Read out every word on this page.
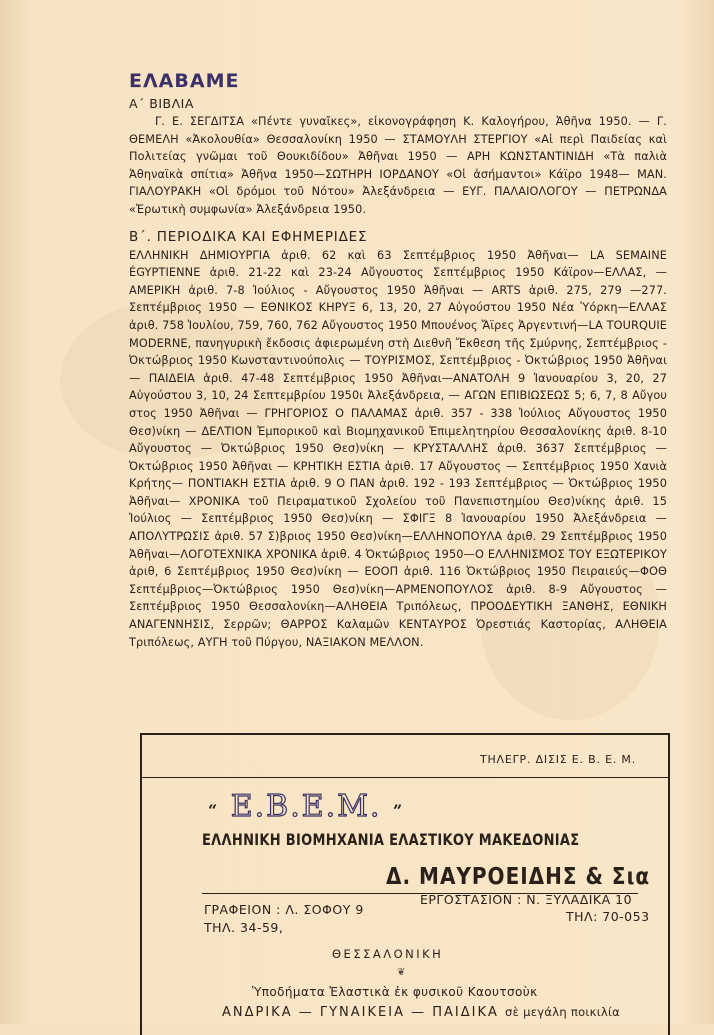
ΕΛΑΒΑΜΕ
Α΄ ΒΙΒΛΙΑ

Γ. Ε. ΣΕΓΔΙΤΣΑ «Πέντε γυναῖκες», εἰκονογράφηση Κ. Καλογήρου, Ἀθῆνα 1950. — Γ. ΘΕΜΕΛΗ «Ἀκολουθία» Θεσσαλονίκη 1950 — ΣΤΑΜΟΥΛΗ ΣΤΕΡΓΙΟΥ «Αἱ περὶ Παιδείας καὶ Πολιτείας γνῶμαι τοῦ Θουκιδίδου» Ἀθῆναι 1950 — ΑΡΗ ΚΩΝΣΤΑΝΤΙΝΙΔΗ «Τὰ παλιὰ Ἀθηναϊκὰ σπίτια» Ἀθῆνα 1950—ΣΩΤΗΡΗ ΙΟΡΔΑΝΟΥ «Οἱ ἀσήμαντοι» Κάϊρο 1948— ΜΑΝ. ΓΙΑΛΟΥΡΑΚΗ «Οἱ δρόμοι τοῦ Νότου» Ἀλεξάνδρεια — ΕΥΓ. ΠΑΛΑΙΟΛΟΓΟΥ — ΠΕΤΡΩΝΔΑ «Ἐρωτικὴ συμφωνία» Ἀλεξάνδρεια 1950.

Β΄. ΠΕΡΙΟΔΙΚΑ ΚΑΙ ΕΦΗΜΕΡΙΔΕΣ

ΕΛΛΗΝΙΚΗ ΔΗΜΙΟΥΡΓΙΑ ἀριθ. 62 καὶ 63 Σεπτέμβριος 1950 Ἀθῆναι— LA SEMAINE ÉGYPTIENNE ἀριθ. 21-22 καὶ 23-24 Αὔγουστος Σεπτέμβριος 1950 Κάϊρον—ΕΛΛΑΣ, —ΑΜΕΡΙΚΗ ἀριθ. 7-8 Ἰούλιος - Αὔγουστος 1950 Ἀθῆναι — ARTS ἀριθ. 275, 279 —277. Σεπτέμβριος 1950 — ΕΘΝΙΚΟΣ ΚΗΡΥΞ 6, 13, 20, 27 Αὐγούστου 1950 Νέα Ὑόρκη—ΕΛΛΑΣ ἀριθ. 758 Ἰουλίου, 759, 760, 762 Αὔγουστος 1950 Μπουένος Ἄϊρες Ἀργεντινή—LA TOURQUIE MODERNE, πανηγυρικὴ ἔκδοσις ἀφιερωμένη στὴ Διεθνῆ Ἔκθεση τῆς Σμύρνης, Σεπτέμβριος - Ὀκτώβριος 1950 Κωνσταντινούπολις — ΤΟΥΡΙΣΜΟΣ, Σεπτέμβριος - Ὀκτώβριος 1950 Ἀθῆναι — ΠΑΙΔΕΙΑ ἀριθ. 47-48 Σεπτέμβριος 1950 Ἀθῆναι—ΑΝΑΤΟΛΗ 9 Ἰανουαρίου 3, 20, 27 Αὐγούστου 3, 10, 24 Σεπτεμβρίου 1950ι Ἀλεξάνδρεια, — ΑΓΩΝ ΕΠΙΒΙΩΣΕΩΣ 5; 6, 7, 8 Αὔγου στος 1950 Ἀθῆναι — ΓΡΗΓΟΡΙΟΣ Ο ΠΑΛΑΜΑΣ ἀριθ. 357 - 338 Ἰούλιος Αὔγουστος 1950 Θεσ)νίκη — ΔΕΛΤΙΟΝ Ἐμπορικοῦ καὶ Βιομηχανικοῦ Ἐπιμελητηρίου Θεσσαλονίκης ἀριθ. 8-10 Αὔγουστος — Ὀκτώβριος 1950 Θεσ)νίκη — ΚΡΥΣΤΑΛΛΗΣ ἀριθ. 3637 Σεπτέμβριος — Ὀκτώβριος 1950 Ἀθῆναι — ΚΡΗΤΙΚΗ ΕΣΤΙΑ ἀριθ. 17 Αὔγουστος — Σεπτέμβριος 1950 Χανιὰ Κρήτης— ΠΟΝΤΙΑΚΗ ΕΣΤΙΑ ἀριθ. 9 Ο ΠΑΝ ἀριθ. 192 - 193 Σεπτέμβριος — Ὀκτώβριος 1950 Ἀθῆναι— ΧΡΟΝΙΚΑ τοῦ Πειραματικοῦ Σχολείου τοῦ Πανεπιστημίου Θεσ)νίκης ἀριθ. 15 Ἰούλιος — Σεπτέμβριος 1950 Θεσ)νίκη — ΣΦΙΓΞ 8 Ἰανουαρίου 1950 Ἀλεξάνδρεια — ΑΠΟΛΥΤΡΩΣΙΣ ἀριθ. 57 Σ)βριος 1950 Θεσ)νίκη—ΕΛΛΗΝΟΠΟΥΛΑ ἀριθ. 29 Σεπτέμβριος 1950 Ἀθῆναι—ΛΟΓΟΤΕΧΝΙΚΑ ΧΡΟΝΙΚΑ ἀριθ. 4 Ὀκτώβριος 1950—Ο ΕΛΛΗΝΙΣΜΟΣ ΤΟΥ ΕΞΩΤΕΡΙΚΟΥ ἀριθ, 6 Σεπτέμβριος 1950 Θεσ)νίκη — ΕΟΟΠ ἀριθ. 116 Ὀκτώβριος 1950 Πειραιεύς—ΦΟΘ Σεπτέμβριος—Ὀκτώβριος 1950 Θεσ)νίκη—ΑΡΜΕΝΟΠΟΥΛΟΣ ἀριθ. 8-9 Αὔγουστος — Σεπτέμβριος 1950 Θεσσαλονίκη—ΑΛΗΘΕΙΑ Τριπόλεως, ΠΡΟΟΔΕΥΤΙΚΗ ΞΑΝΘΗΣ, ΕΘΝΙΚΗ ΑΝΑΓΕΝΝΗΣΙΣ, Σερρῶν; ΘΑΡΡΟΣ Καλαμῶν ΚΕΝΤΑΥΡΟΣ Ὀρεστιάς Καστορίας, ΑΛΗΘΕΙΑ Τριπόλεως, ΑΥΓΗ τοῦ Πύργου, ΝΑΞΙΑΚΟΝ ΜΕΛΛΟΝ.

ΤΗΛΕΓΡ. ΔΙΣΙΣ Ε. Β. Ε. Μ.
“ E.B.E.M. ”
ΕΛΛΗΝΙΚΗ ΒΙΟΜΗΧΑΝΙΑ ΕΛΑΣΤΙΚΟΥ ΜΑΚΕΔΟΝΙΑΣ
Δ. ΜΑΥΡΟΕΙΔΗΣ & Σια
ΓΡΑΦΕΙΟΝ : Λ. ΣΟΦΟΥ 9
ΤΗΛ. 34-59,
ΕΡΓΟΣΤΑΣΙΟΝ : Ν. ΞΥΛΑΔΙΚΑ 10
ΤΗΛ: 70-053
ΘΕΣΣΑΛΟΝΙΚΗ
❦
Ὑποδήματα Ἐλαστικὰ ἐκ φυσικοῦ Καουτσοὺκ
ΑΝΔΡΙΚΑ — ΓΥΝΑΙΚΕΙΑ — ΠΑΙΔΙΚΑ σὲ μεγάλη ποικιλία
